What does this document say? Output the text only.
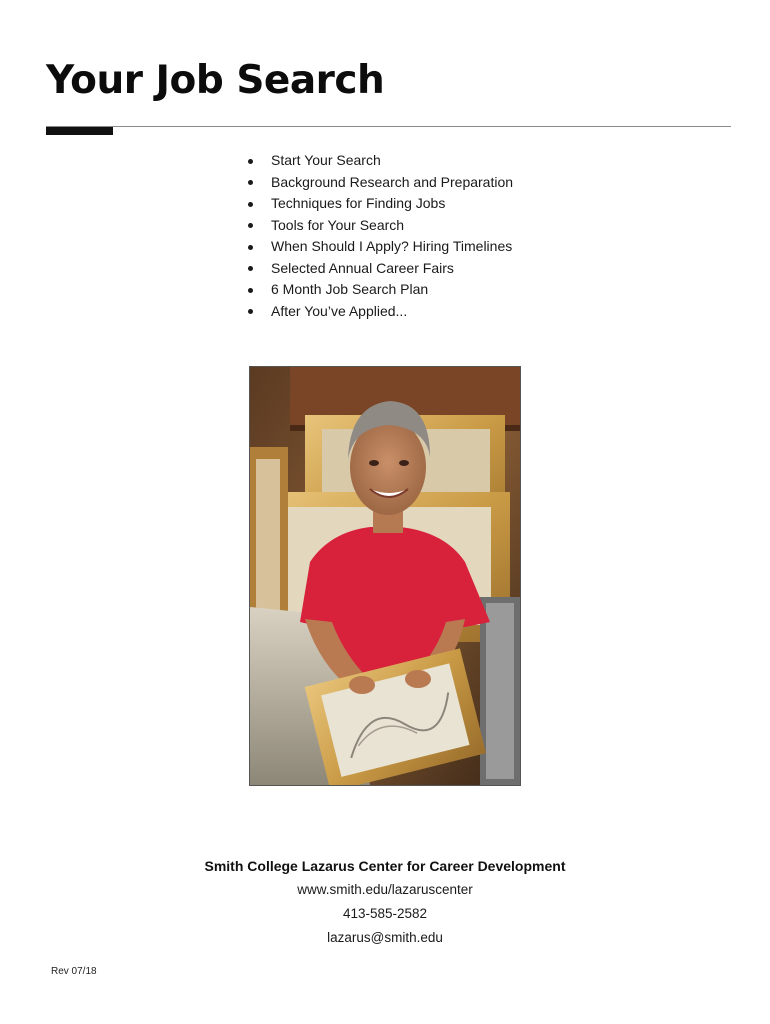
Your Job Search
Start Your Search
Background Research and Preparation
Techniques for Finding Jobs
Tools for Your Search
When Should I Apply? Hiring Timelines
Selected Annual Career Fairs
6 Month Job Search Plan
After You’ve Applied...
Smith College Lazarus Center for Career Development
www.smith.edu/lazaruscenter
413-585-2582
lazarus@smith.edu
Rev 07/18
